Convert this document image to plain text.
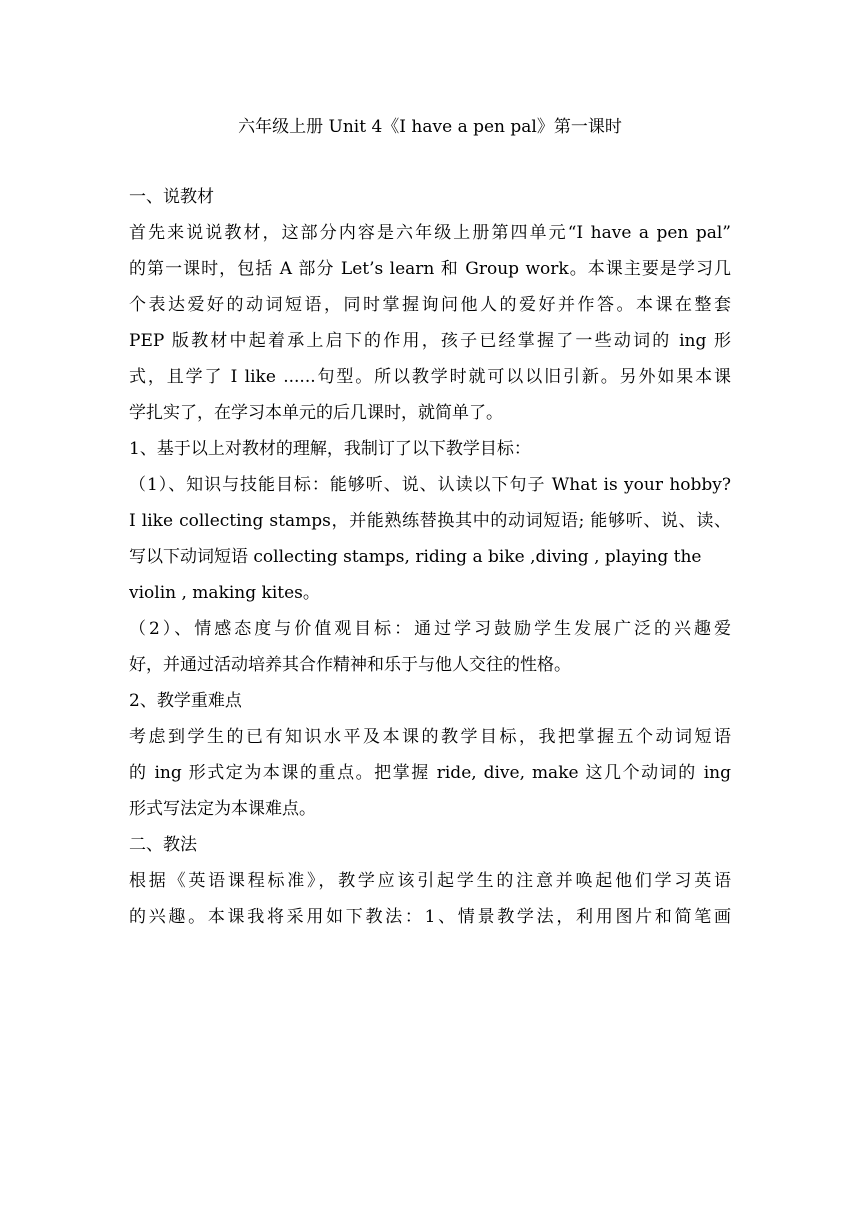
六年级上册 Unit 4《I have a pen pal》第一课时
一、说教材
首先来说说教材，这部分内容是六年级上册第四单元“I have a pen pal”
的第一课时，包括 A 部分 Let’s learn 和 Group work。本课主要是学习几
个表达爱好的动词短语，同时掌握询问他人的爱好并作答。本课在整套
PEP 版教材中起着承上启下的作用，孩子已经掌握了一些动词的 ing 形
式，且学了 I like ......句型。所以教学时就可以以旧引新。另外如果本课
学扎实了，在学习本单元的后几课时，就简单了。
1、基于以上对教材的理解，我制订了以下教学目标：
（1）、知识与技能目标：能够听、说、认读以下句子 What is your hobby?
I like collecting stamps，并能熟练替换其中的动词短语; 能够听、说、读、
写以下动词短语 collecting stamps, riding a bike ,diving , playing the
violin , making kites。
（2）、情感态度与价值观目标：通过学习鼓励学生发展广泛的兴趣爱
好，并通过活动培养其合作精神和乐于与他人交往的性格。
2、教学重难点
考虑到学生的已有知识水平及本课的教学目标，我把掌握五个动词短语
的 ing 形式定为本课的重点。把掌握 ride, dive, make 这几个动词的 ing
形式写法定为本课难点。
二、教法
根据《英语课程标准》，教学应该引起学生的注意并唤起他们学习英语
的兴趣。本课我将采用如下教法：1、情景教学法，利用图片和简笔画
